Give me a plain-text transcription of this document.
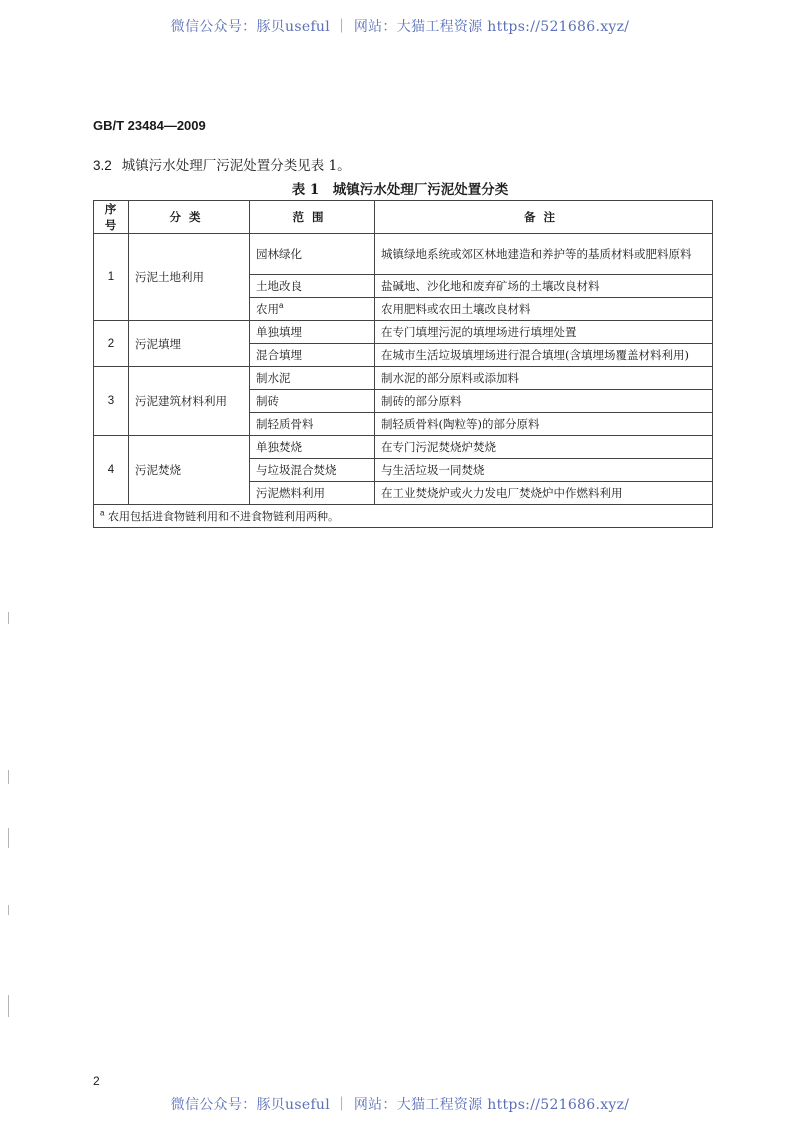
微信公众号：豚贝useful ｜ 网站：大猫工程资源 https://521686.xyz/
GB/T 23484—2009
3.2 城镇污水处理厂污泥处置分类见表 1。
表 1　城镇污水处理厂污泥处置分类
序号	分类	范围	备注
1	污泥土地利用	园林绿化	城镇绿地系统或郊区林地建造和养护等的基质材料或肥料原料
		土地改良	盐碱地、沙化地和废弃矿场的土壤改良材料
		农用$^a$	农用肥料或农田土壤改良材料
2	污泥填埋	单独填埋	在专门填埋污泥的填埋场进行填埋处置
		混合填埋	在城市生活垃圾填埋场进行混合填埋(含填埋场覆盖材料利用)
3	污泥建筑材料利用	制水泥	制水泥的部分原料或添加料
		制砖	制砖的部分原料
		制轻质骨料	制轻质骨料(陶粒等)的部分原料
4	污泥焚烧	单独焚烧	在专门污泥焚烧炉焚烧
		与垃圾混合焚烧	与生活垃圾一同焚烧
		污泥燃料利用	在工业焚烧炉或火力发电厂焚烧炉中作燃料利用
$^a$ 农用包括进食物链利用和不进食物链利用两种。			
2
微信公众号：豚贝useful ｜ 网站：大猫工程资源 https://521686.xyz/
